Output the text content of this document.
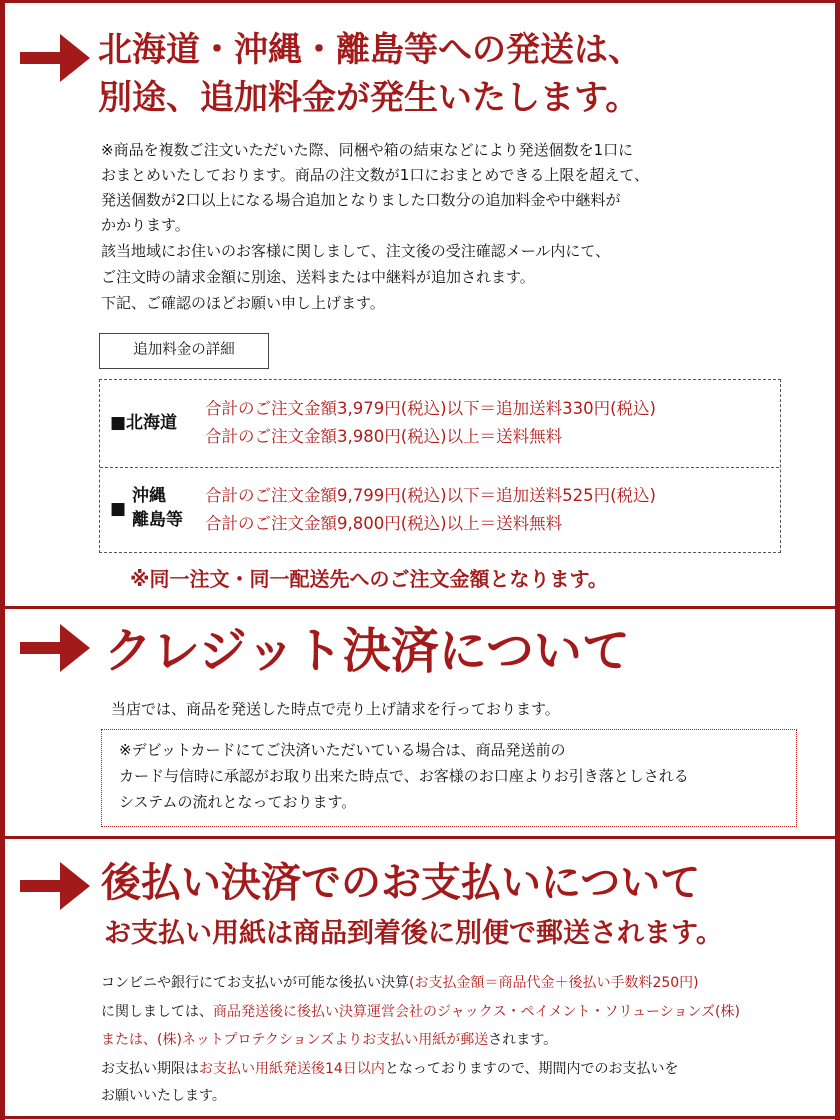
北海道・沖縄・離島等への発送は、
別途、追加料金が発生いたします。
※商品を複数ご注文いただいた際、同梱や箱の結束などにより発送個数を1口に
おまとめいたしております。商品の注文数が1口におまとめできる上限を超えて、
発送個数が2口以上になる場合追加となりました口数分の追加料金や中継料が
かかります。
該当地域にお住いのお客様に関しまして、注文後の受注確認メール内にて、
ご注文時の請求金額に別途、送料または中継料が追加されます。
下記、ご確認のほどお願い申し上げます。
追加料金の詳細
■北海道
合計のご注文金額3,979円(税込)以下＝追加送料330円(税込)
合計のご注文金額3,980円(税込)以上＝送料無料
■
沖縄
離島等
合計のご注文金額9,799円(税込)以下＝追加送料525円(税込)
合計のご注文金額9,800円(税込)以上＝送料無料
※同一注文・同一配送先へのご注文金額となります。
クレジット決済について
当店では、商品を発送した時点で売り上げ請求を行っております。
※デビットカードにてご決済いただいている場合は、商品発送前の
カード与信時に承認がお取り出来た時点で、お客様のお口座よりお引き落としされる
システムの流れとなっております。
後払い決済でのお支払いについて
お支払い用紙は商品到着後に別便で郵送されます。
コンビニや銀行にてお支払いが可能な後払い決算(お支払金額＝商品代金＋後払い手数料250円)
に関しましては、商品発送後に後払い決算運営会社のジャックス・ペイメント・ソリューションズ(株)
または、(株)ネットプロテクションズよりお支払い用紙が郵送されます。
お支払い期限はお支払い用紙発送後14日以内となっておりますので、期間内でのお支払いを
お願いいたします。
